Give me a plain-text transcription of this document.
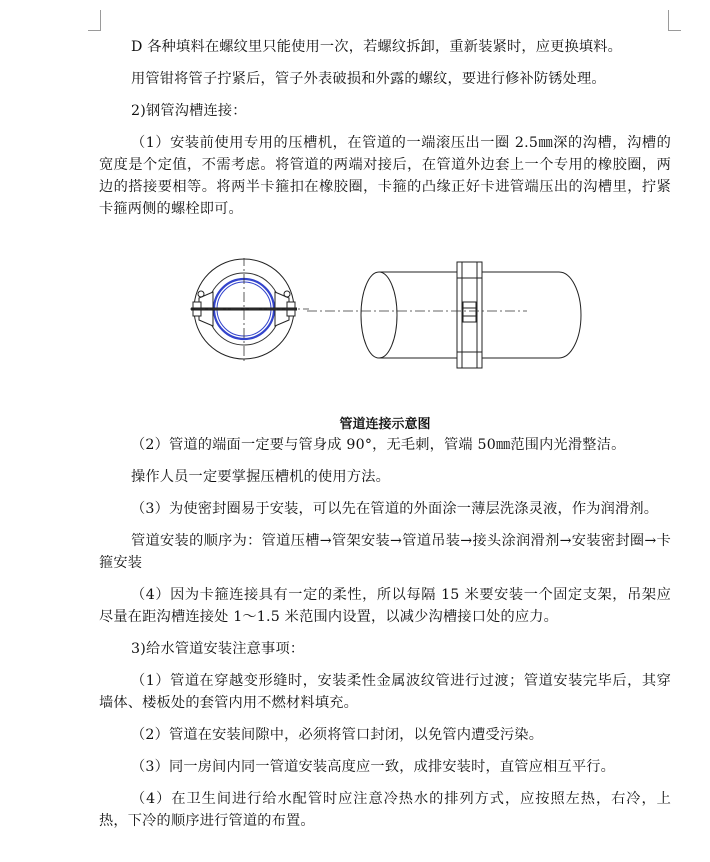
D 各种填料在螺纹里只能使用一次，若螺纹拆卸，重新装紧时，应更换填料。

用管钳将管子拧紧后，管子外表破损和外露的螺纹，要进行修补防锈处理。

2)钢管沟槽连接：

（1）安装前使用专用的压槽机，在管道的一端滚压出一圈 2.5㎜深的沟槽，沟槽的宽度是个定值，不需考虑。将管道的两端对接后，在管道外边套上一个专用的橡胶圈，两边的搭接要相等。将两半卡箍扣在橡胶圈，卡箍的凸缘正好卡进管端压出的沟槽里，拧紧卡箍两侧的螺栓即可。

管道连接示意图

（2）管道的端面一定要与管身成 90°，无毛刺，管端 50㎜范围内光滑整洁。

操作人员一定要掌握压槽机的使用方法。

（3）为使密封圈易于安装，可以先在管道的外面涂一薄层洗涤灵液，作为润滑剂。

管道安装的顺序为：管道压槽→管架安装→管道吊装→接头涂润滑剂→安装密封圈→卡箍安装

（4）因为卡箍连接具有一定的柔性，所以每隔 15 米要安装一个固定支架，吊架应尽量在距沟槽连接处 1～1.5 米范围内设置，以减少沟槽接口处的应力。

3)给水管道安装注意事项：

（1）管道在穿越变形缝时，安装柔性金属波纹管进行过渡；管道安装完毕后，其穿墙体、楼板处的套管内用不燃材料填充。

（2）管道在安装间隙中，必须将管口封闭，以免管内遭受污染。

（3）同一房间内同一管道安装高度应一致，成排安装时，直管应相互平行。

（4）在卫生间进行给水配管时应注意冷热水的排列方式，应按照左热，右冷，上热，下冷的顺序进行管道的布置。
